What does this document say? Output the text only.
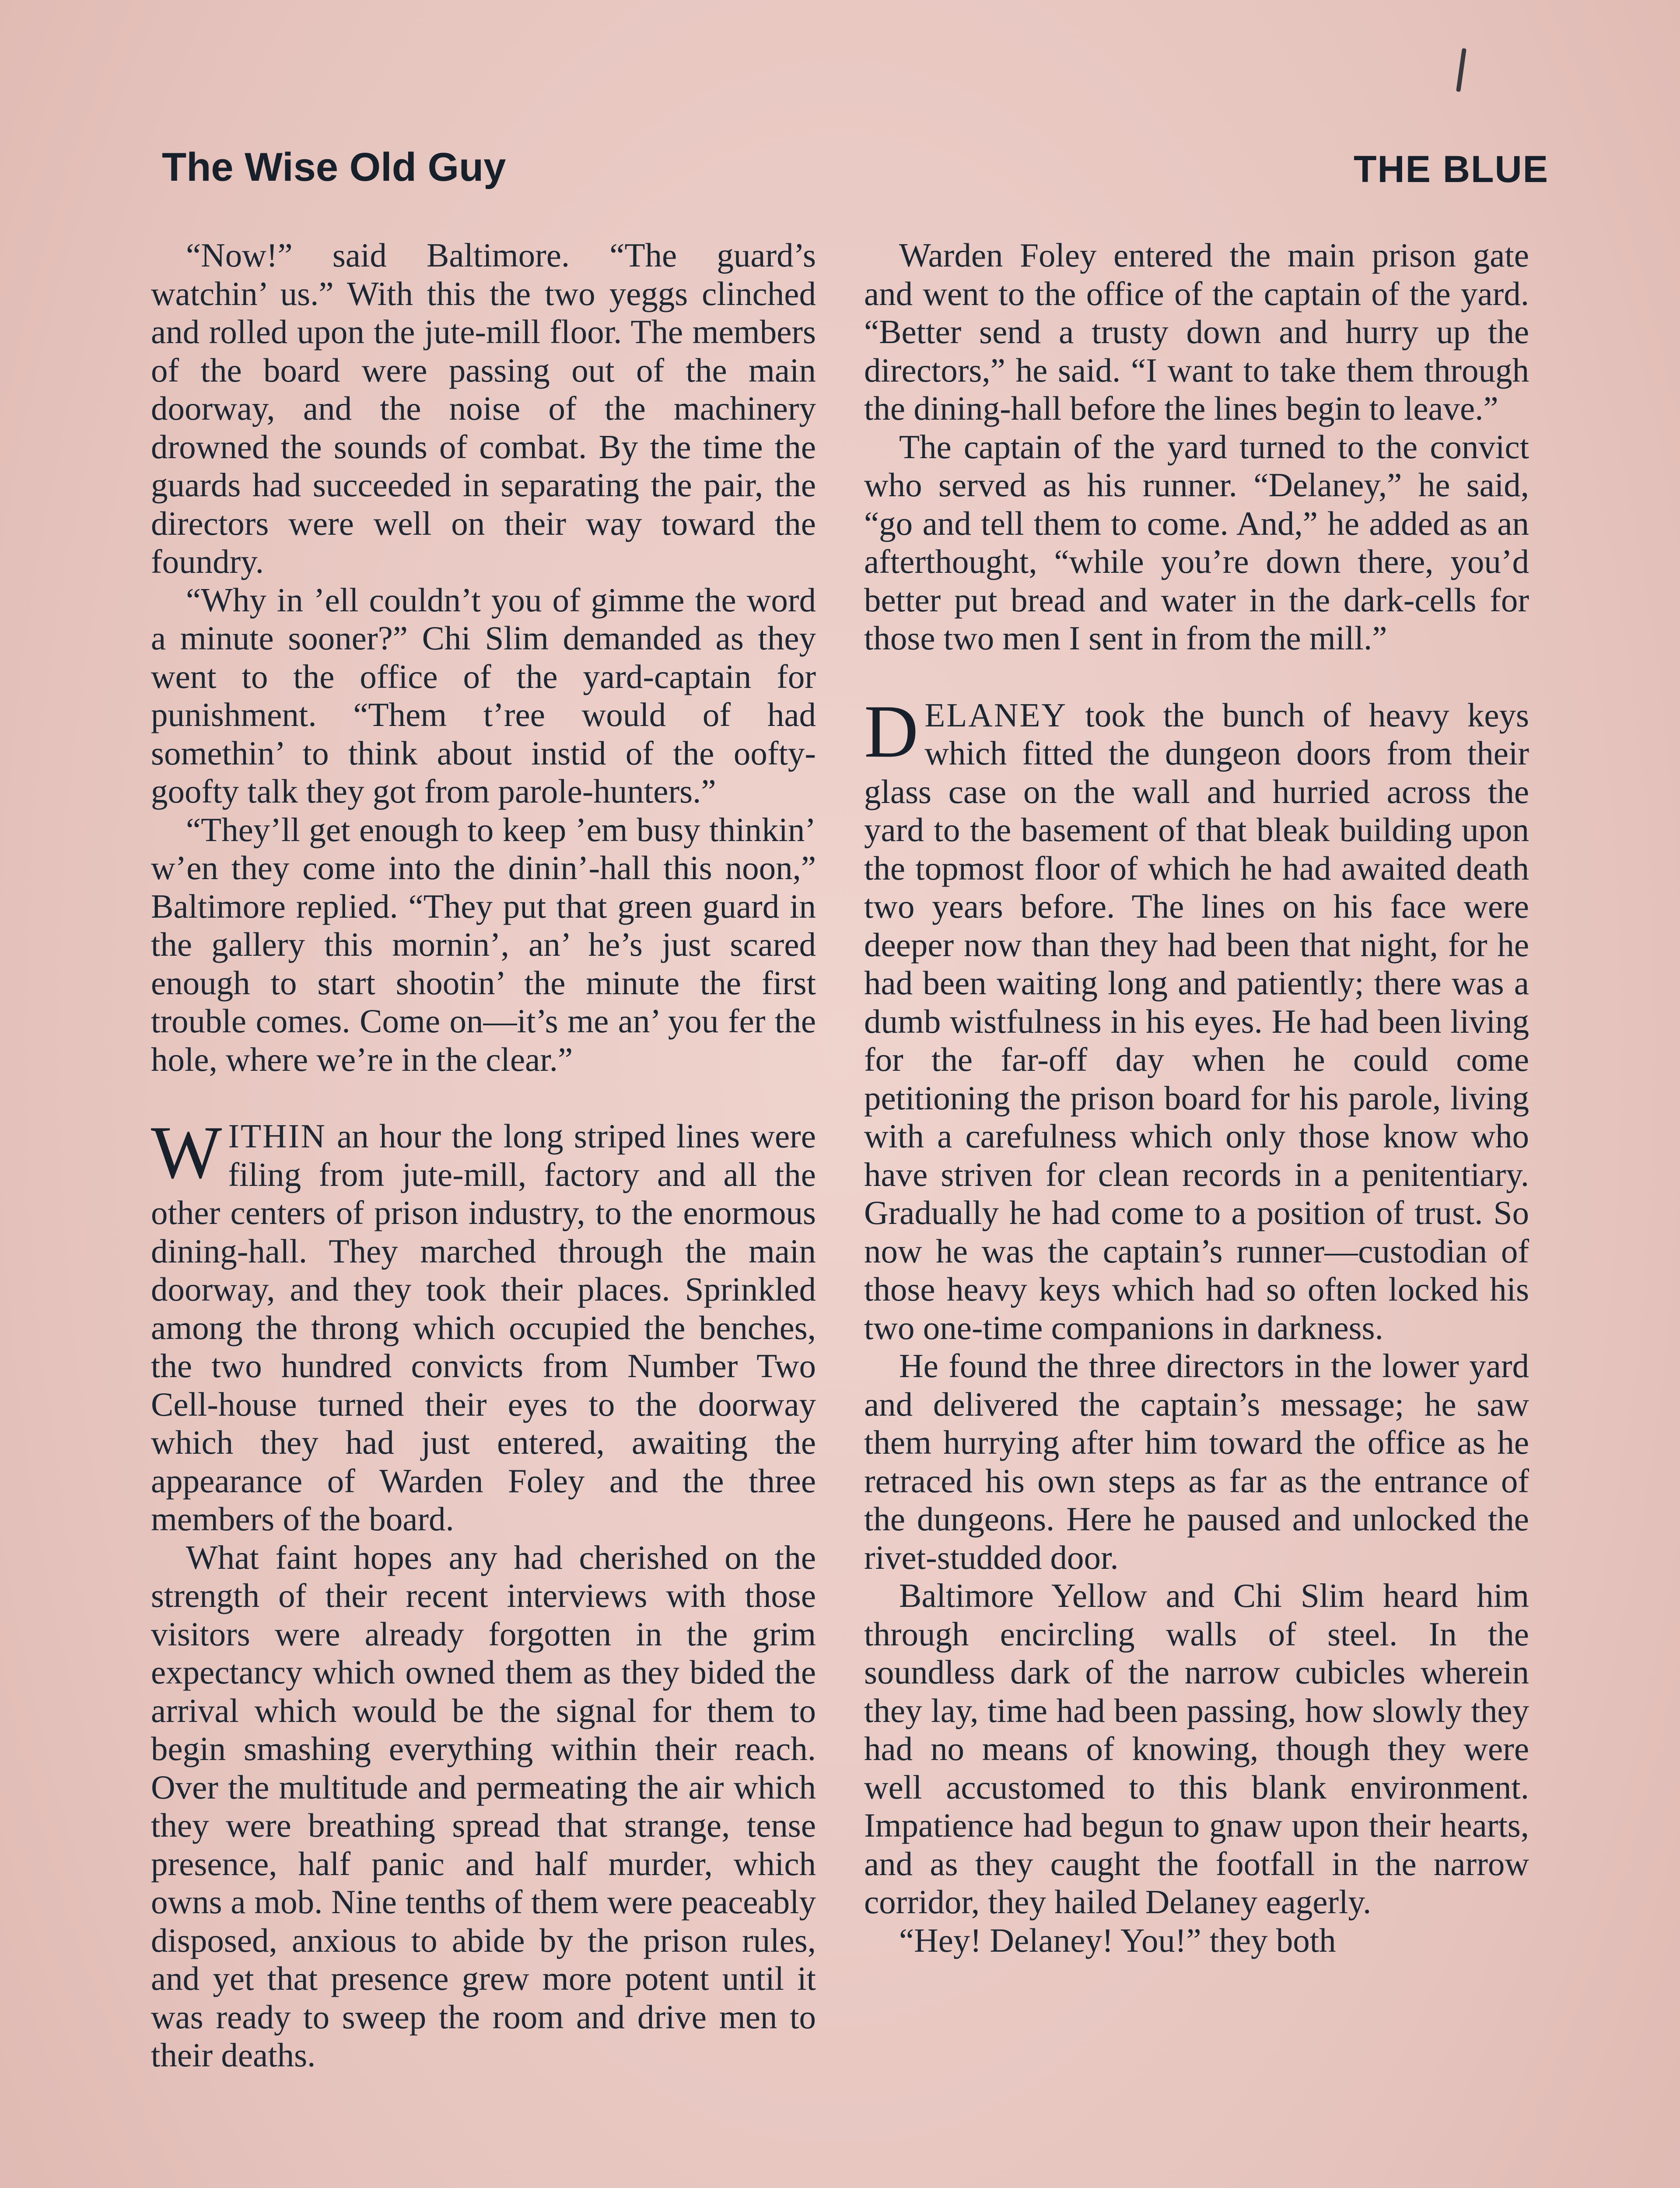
The Wise Old Guy	THE BLUE

“Now!” said Baltimore. “The guard’s watchin’ us.” With this the two yeggs clinched and rolled upon the jute-mill floor. The members of the board were passing out of the main doorway, and the noise of the machinery drowned the sounds of combat. By the time the guards had succeeded in separating the pair, the directors were well on their way toward the foundry.

“Why in ’ell couldn’t you of gimme the word a minute sooner?” Chi Slim demanded as they went to the office of the yard-captain for punishment. “Them t’ree would of had somethin’ to think about instid of the oofty-goofty talk they got from parole-hunters.”

“They’ll get enough to keep ’em busy thinkin’ w’en they come into the dinin’-hall this noon,” Baltimore replied. “They put that green guard in the gallery this mornin’, an’ he’s just scared enough to start shootin’ the minute the first trouble comes. Come on—it’s me an’ you fer the hole, where we’re in the clear.”

WITHIN an hour the long striped lines were filing from jute-mill, factory and all the other centers of prison industry, to the enormous dining-hall. They marched through the main doorway, and they took their places. Sprinkled among the throng which occupied the benches, the two hundred convicts from Number Two Cell-house turned their eyes to the doorway which they had just entered, awaiting the appearance of Warden Foley and the three members of the board.

What faint hopes any had cherished on the strength of their recent interviews with those visitors were already forgotten in the grim expectancy which owned them as they bided the arrival which would be the signal for them to begin smashing everything within their reach. Over the multitude and permeating the air which they were breathing spread that strange, tense presence, half panic and half murder, which owns a mob. Nine tenths of them were peaceably disposed, anxious to abide by the prison rules, and yet that presence grew more potent until it was ready to sweep the room and drive men to their deaths.

Warden Foley entered the main prison gate and went to the office of the captain of the yard. “Better send a trusty down and hurry up the directors,” he said. “I want to take them through the dining-hall before the lines begin to leave.”

The captain of the yard turned to the convict who served as his runner. “Delaney,” he said, “go and tell them to come. And,” he added as an afterthought, “while you’re down there, you’d better put bread and water in the dark-cells for those two men I sent in from the mill.”

DELANEY took the bunch of heavy keys which fitted the dungeon doors from their glass case on the wall and hurried across the yard to the basement of that bleak building upon the topmost floor of which he had awaited death two years before. The lines on his face were deeper now than they had been that night, for he had been waiting long and patiently; there was a dumb wistfulness in his eyes. He had been living for the far-off day when he could come petitioning the prison board for his parole, living with a carefulness which only those know who have striven for clean records in a penitentiary. Gradually he had come to a position of trust. So now he was the captain’s runner—custodian of those heavy keys which had so often locked his two one-time companions in darkness.

He found the three directors in the lower yard and delivered the captain’s message; he saw them hurrying after him toward the office as he retraced his own steps as far as the entrance of the dungeons. Here he paused and unlocked the rivet-studded door.

Baltimore Yellow and Chi Slim heard him through encircling walls of steel. In the soundless dark of the narrow cubicles wherein they lay, time had been passing, how slowly they had no means of knowing, though they were well accustomed to this blank environment. Impatience had begun to gnaw upon their hearts, and as they caught the footfall in the narrow corridor, they hailed Delaney eagerly.

“Hey! Delaney! You!” they both
